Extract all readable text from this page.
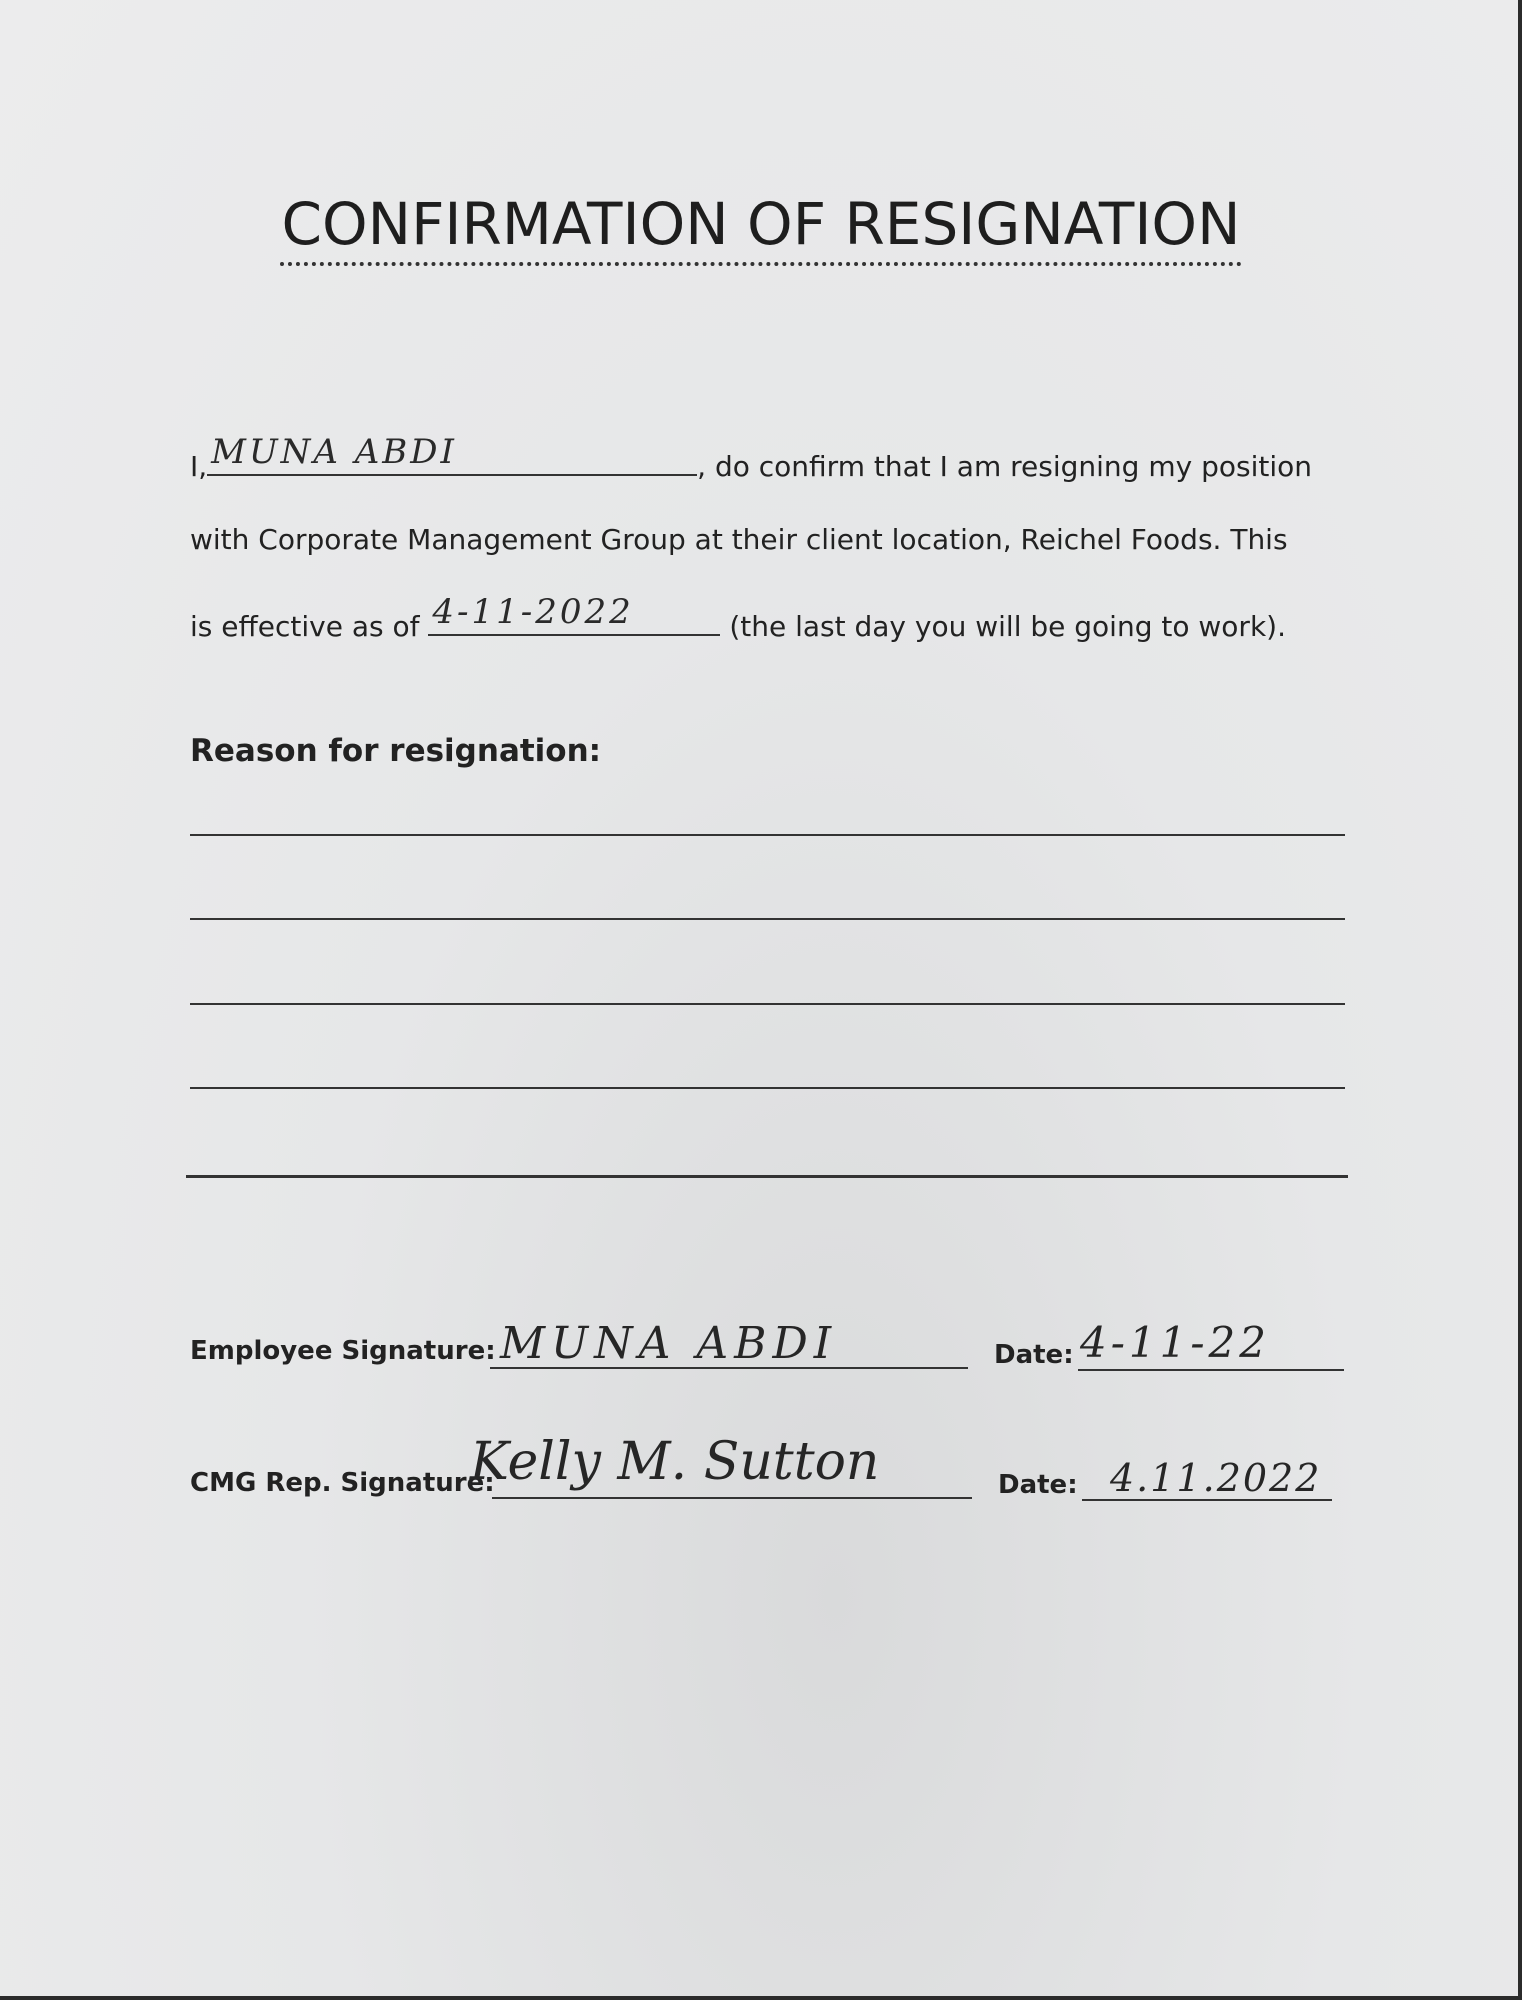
CONFIRMATION OF RESIGNATION
I, MUNA ABDI	, do confirm that I am resigning my position
with Corporate Management Group at their client location, Reichel Foods. This
is effective as of 4-11-2022	(the last day you will be going to work).
Reason for resignation:
Employee Signature: MUNA ABDI	Date: 4-11-22
CMG Rep. Signature:
Kelly M. Sutton	Date: 4.11.2022
